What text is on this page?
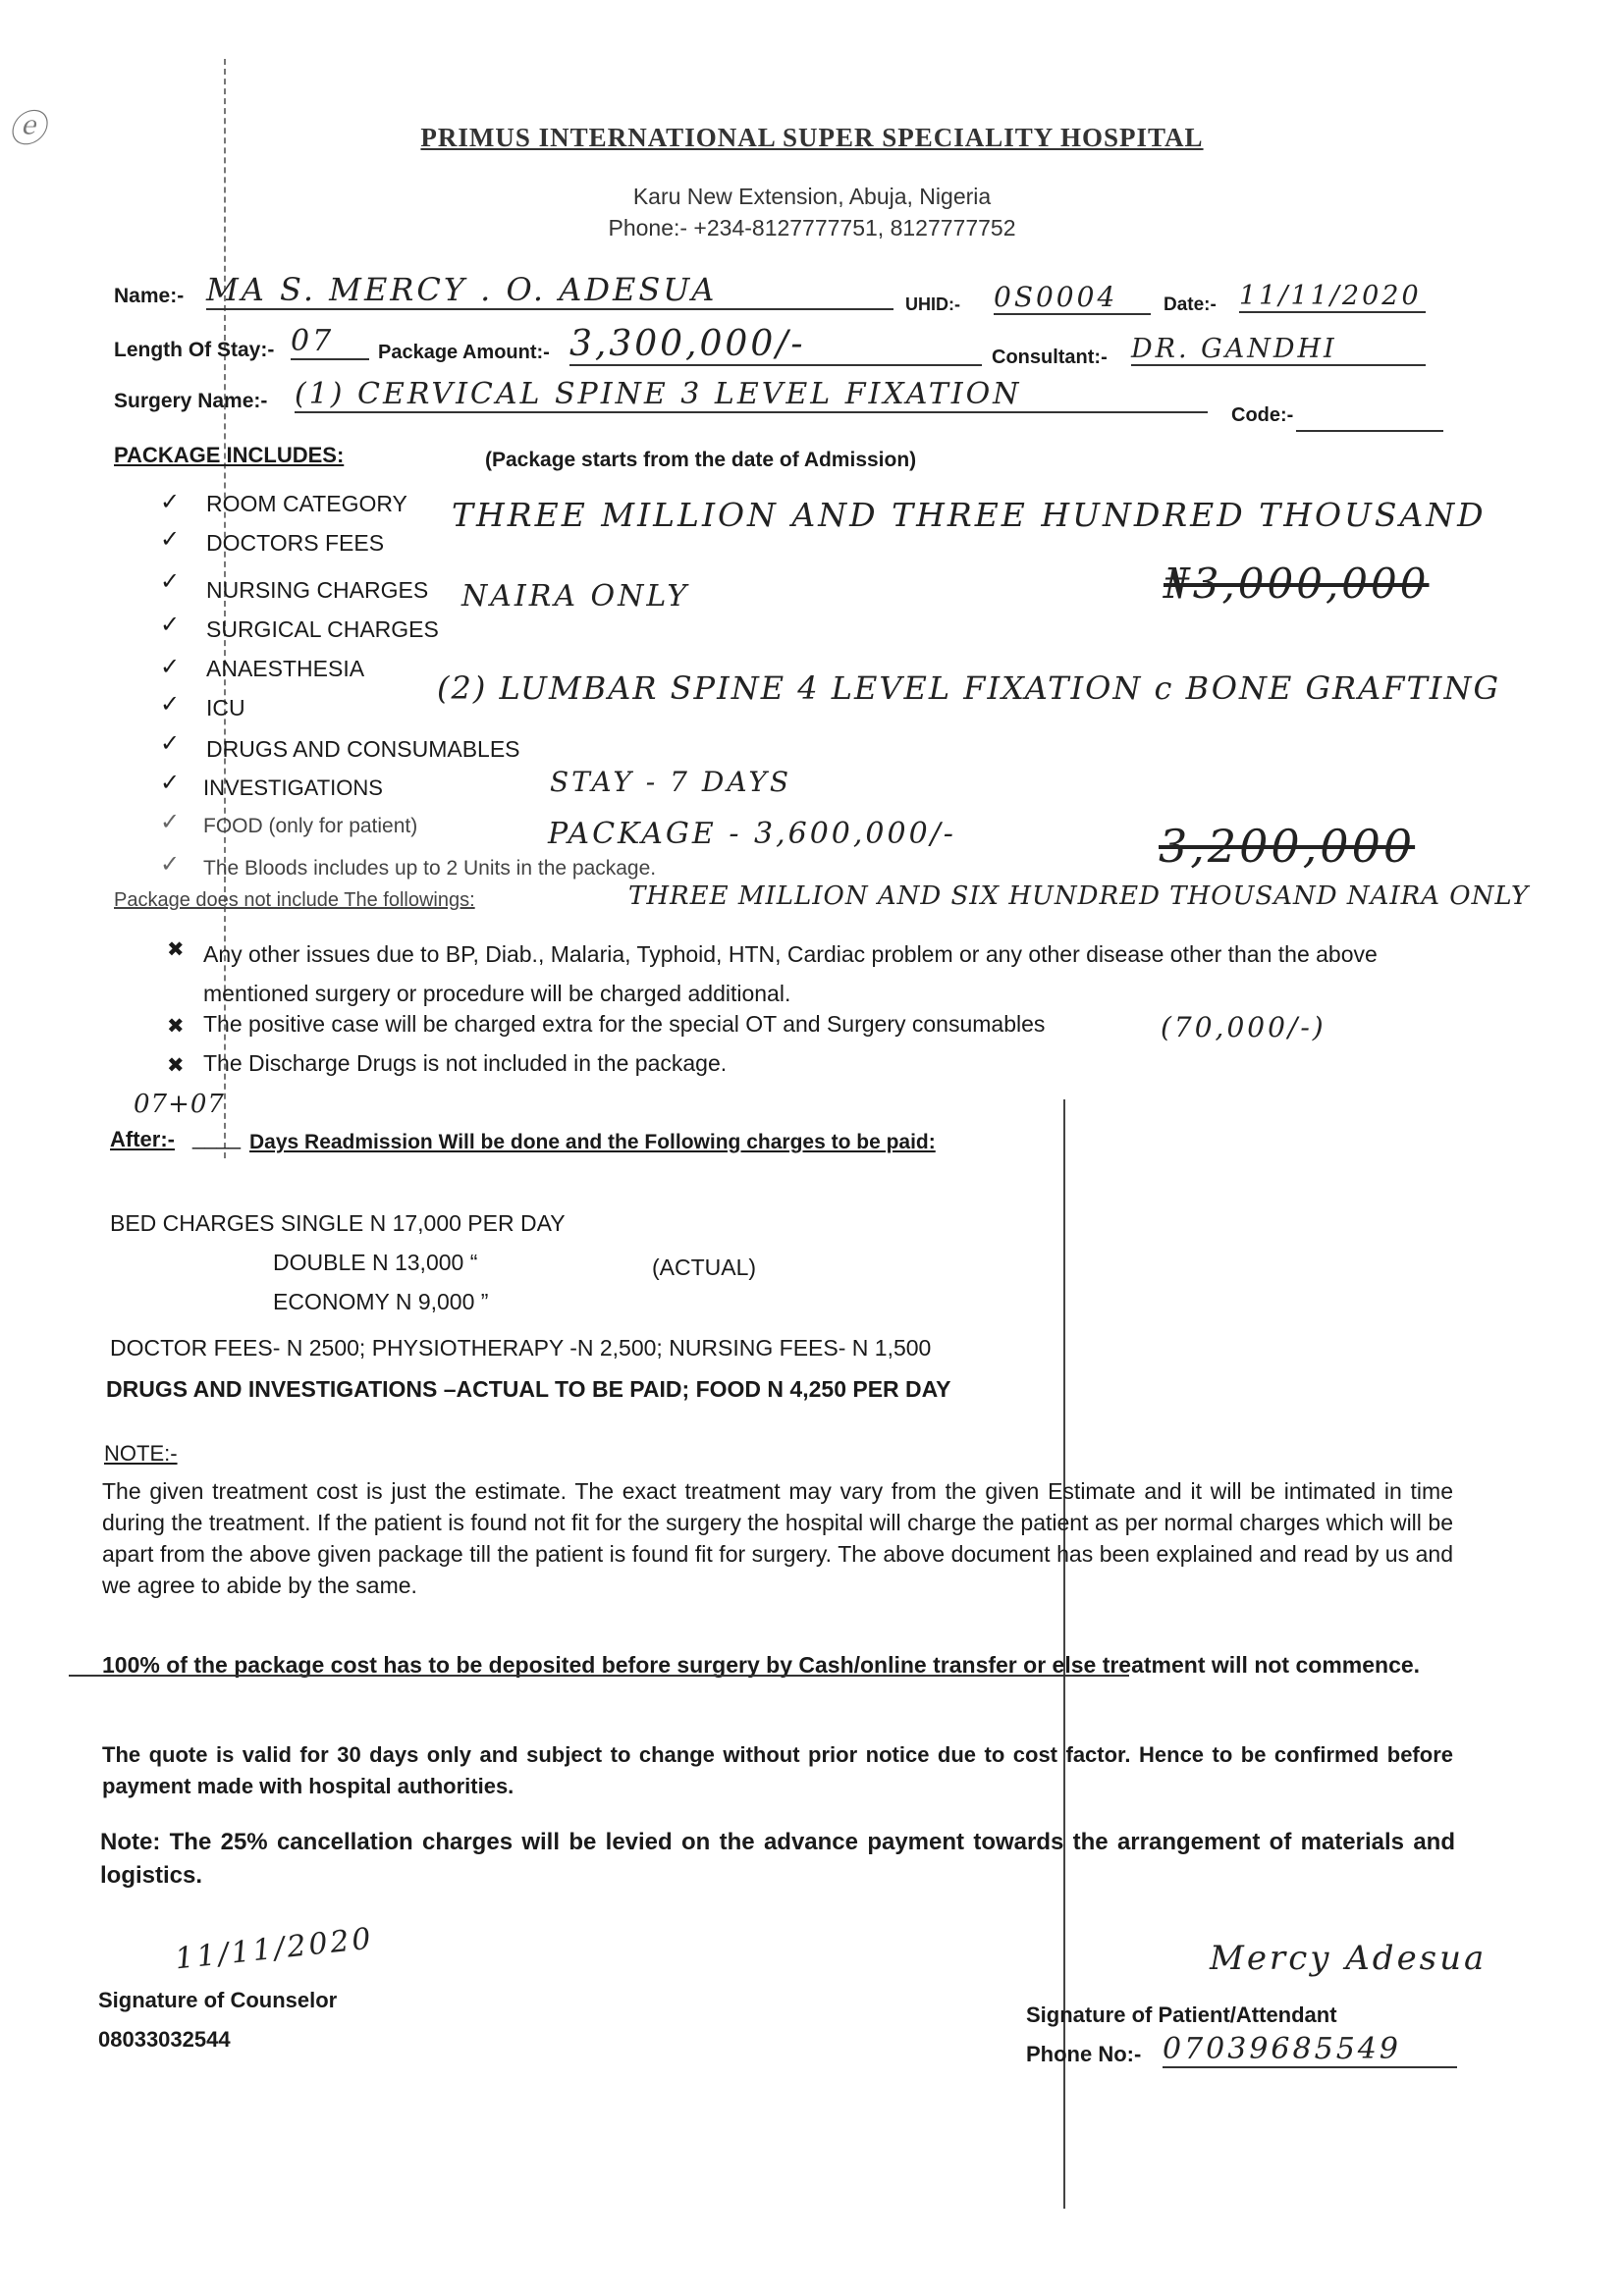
ⓔ	PRIMUS INTERNATIONAL SUPER SPECIALITY HOSPITAL
Karu New Extension, Abuja, Nigeria
Phone:- +234-8127777751, 8127777752
Name:- MA S. MERCY . O. ADESUA	UHID:- 0S0004	Date:- 11/11/2020
Length Of Stay:- 07	Package Amount:- 3,300,000/-	Consultant:- DR. GANDHI
Surgery Name:- (1) CERVICAL SPINE 3 LEVEL FIXATION
Code:-
PACKAGE INCLUDES:	(Package starts from the date of Admission)
✓ ROOM CATEGORY
✓ DOCTORS FEES
✓ NURSING CHARGES
✓ SURGICAL CHARGES
✓ ANAESTHESIA
✓ ICU
✓ DRUGS AND CONSUMABLES
✓ INVESTIGATIONS
✓ FOOD (only for patient)
✓ The Bloods includes up to 2 Units in the package.
THREE MILLION AND THREE HUNDRED THOUSAND
NAIRA ONLY	₦3,000,000
(2) LUMBAR SPINE 4 LEVEL FIXATION c BONE GRAFTING
STAY - 7 DAYS
PACKAGE - 3,600,000/-	3,200,000
THREE MILLION AND SIX HUNDRED THOUSAND NAIRA ONLY
Package does not include The followings:
✖ Any other issues due to BP, Diab., Malaria, Typhoid, HTN, Cardiac problem or any other disease other than the above mentioned surgery or procedure will be charged additional.
✖ The positive case will be charged extra for the special OT and Surgery consumables	(70,000/-)
✖ The Discharge Drugs is not included in the package.
07+07
After:- ____ Days Readmission Will be done and the Following charges to be paid:
BED CHARGES SINGLE N 17,000 PER DAY
DOUBLE N 13,000 “	(ACTUAL)
ECONOMY N 9,000 ”
DOCTOR FEES- N 2500; PHYSIOTHERAPY -N 2,500; NURSING FEES- N 1,500
DRUGS AND INVESTIGATIONS –ACTUAL TO BE PAID; FOOD N 4,250 PER DAY
NOTE:-
The given treatment cost is just the estimate. The exact treatment may vary from the given Estimate and it will be intimated in time during the treatment. If the patient is found not fit for the surgery the hospital will charge the patient as per normal charges which will be apart from the above given package till the patient is found fit for surgery. The above document has been explained and read by us and we agree to abide by the same.
100% of the package cost has to be deposited before surgery by Cash/online transfer or else treatment will not commence.
The quote is valid for 30 days only and subject to change without prior notice due to cost factor. Hence to be confirmed before payment made with hospital authorities.
Note: The 25% cancellation charges will be levied on the advance payment towards the arrangement of materials and logistics.
11/11/2020
Signature of Counselor
08033032544
Mercy Adesua
Signature of Patient/Attendant
Phone No:- 07039685549
